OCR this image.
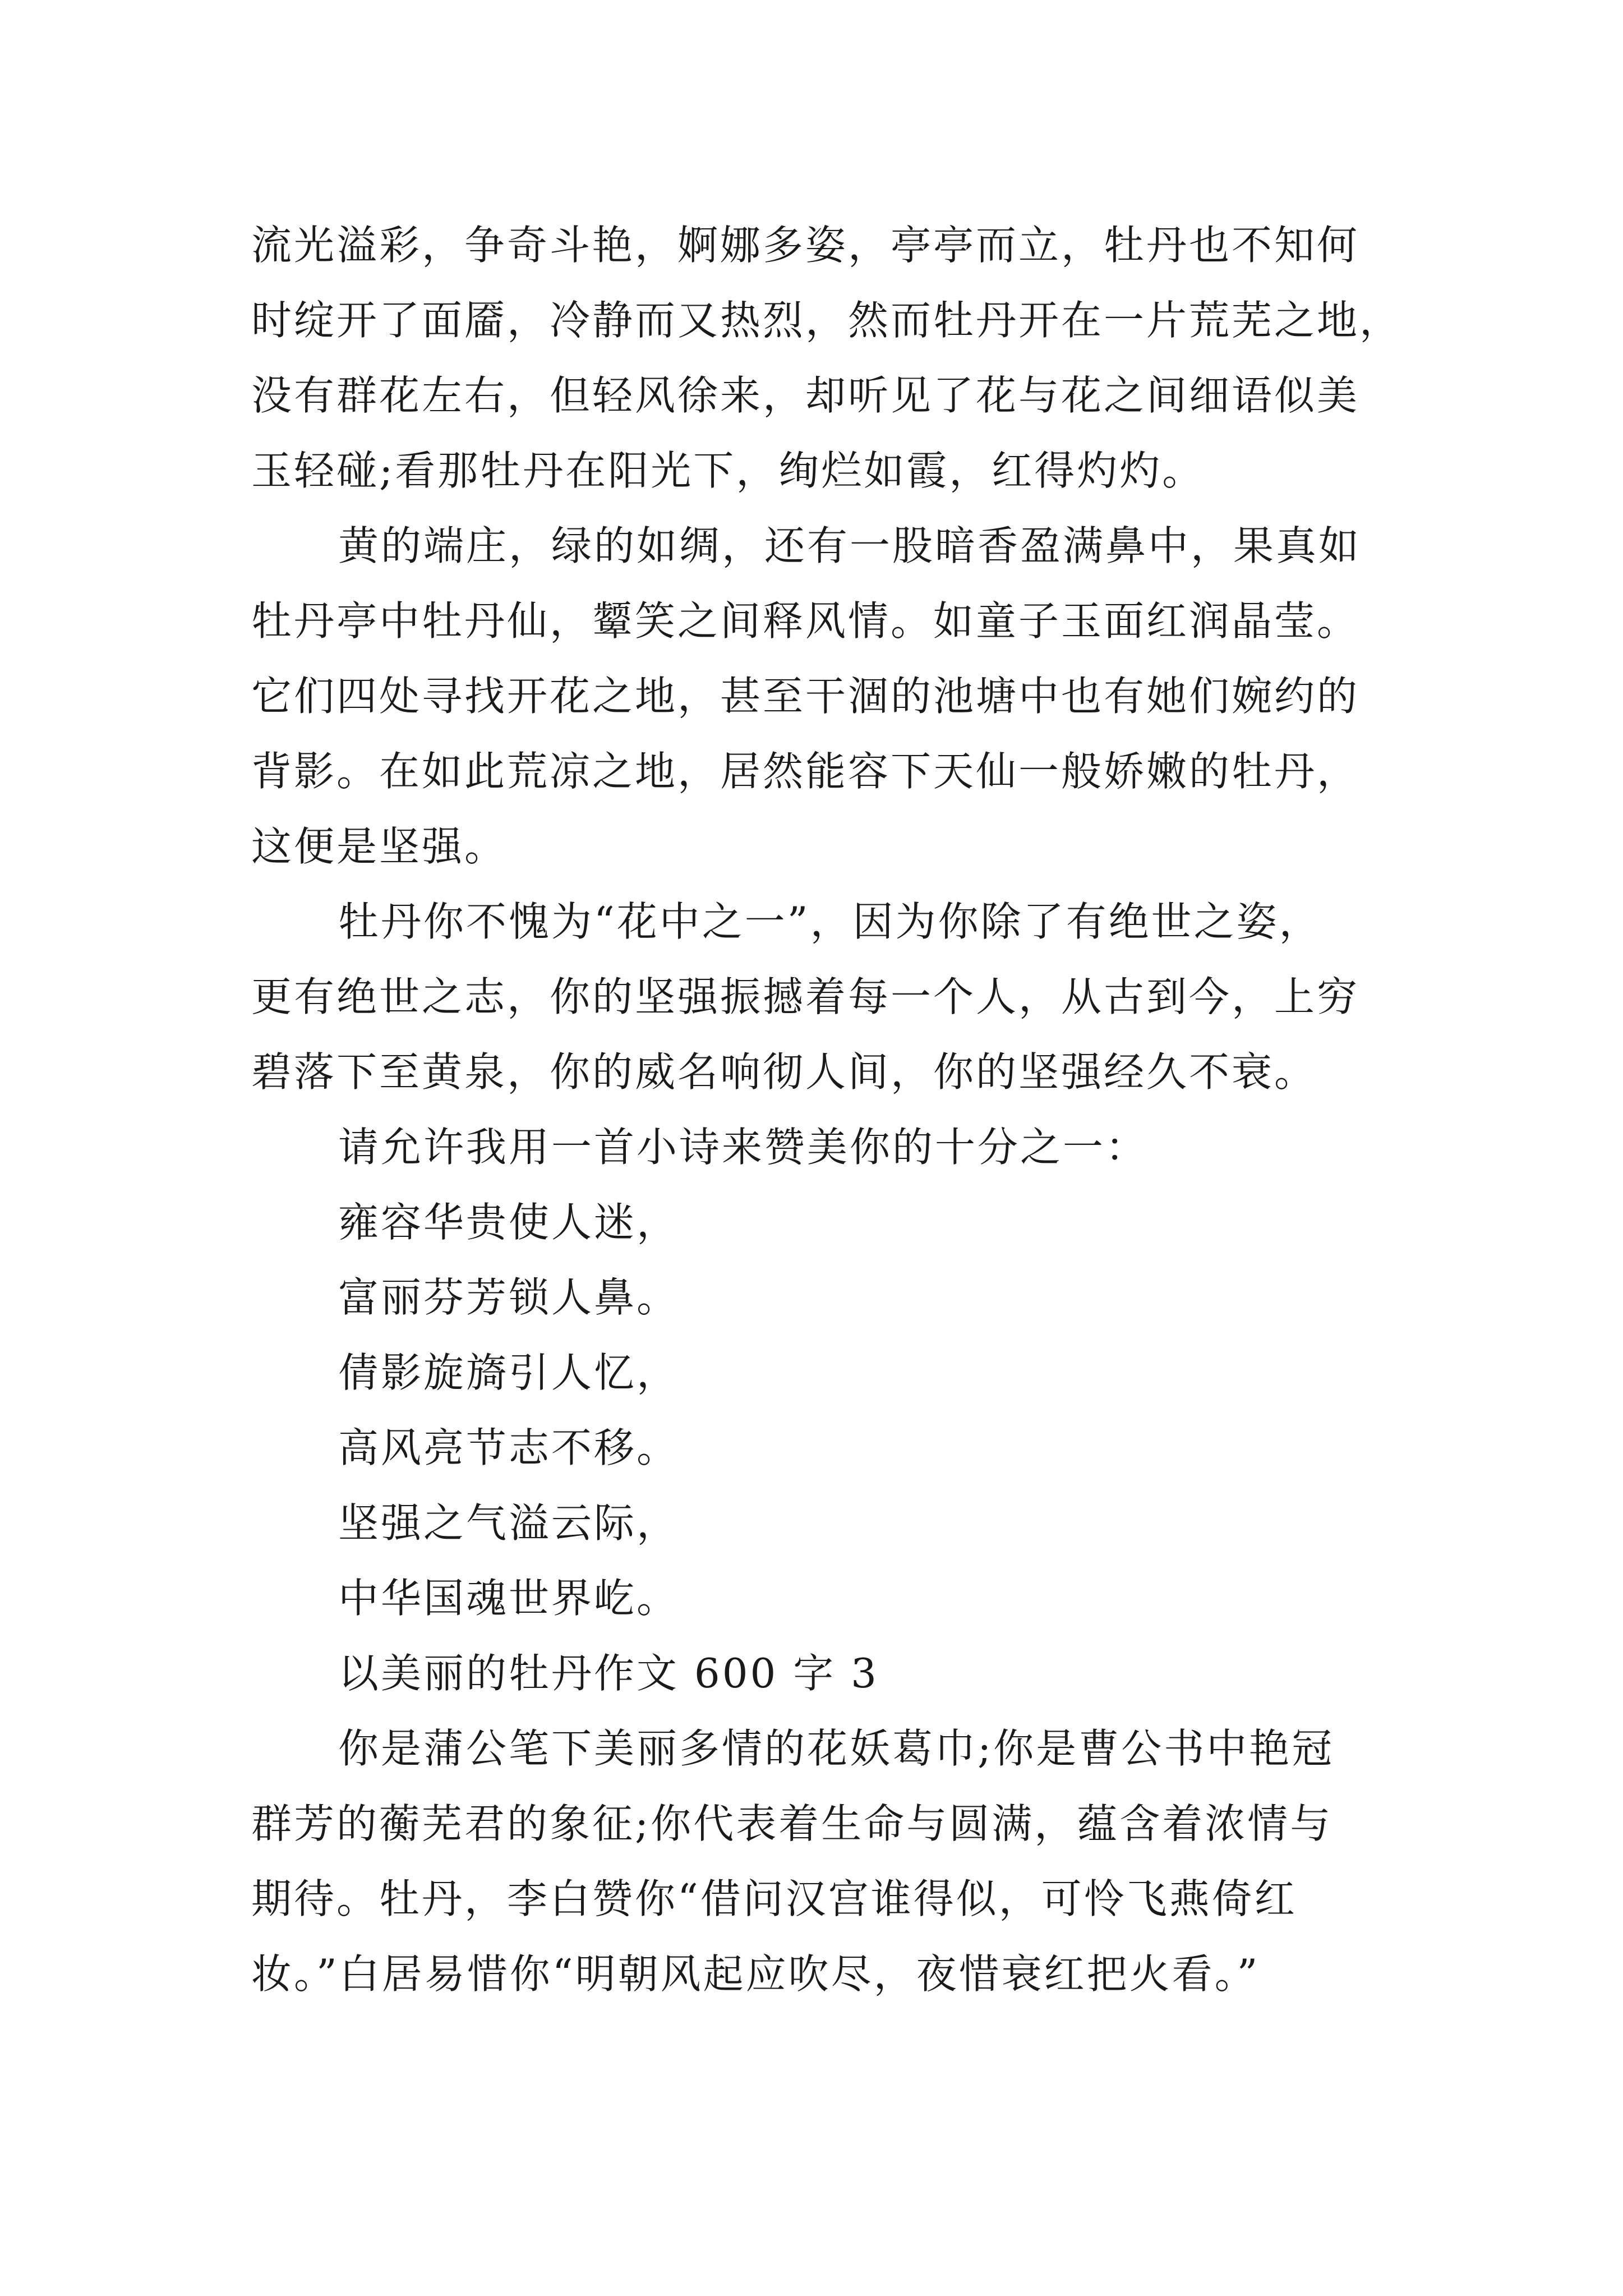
流光溢彩，争奇斗艳，婀娜多姿，亭亭而立，牡丹也不知何
时绽开了面靥，冷静而又热烈，然而牡丹开在一片荒芜之地，
没有群花左右，但轻风徐来，却听见了花与花之间细语似美
玉轻碰;看那牡丹在阳光下，绚烂如霞，红得灼灼。
黄的端庄，绿的如绸，还有一股暗香盈满鼻中，果真如
牡丹亭中牡丹仙，颦笑之间释风情。如童子玉面红润晶莹。
它们四处寻找开花之地，甚至干涸的池塘中也有她们婉约的
背影。在如此荒凉之地，居然能容下天仙一般娇嫩的牡丹，
这便是坚强。
牡丹你不愧为“花中之一”，因为你除了有绝世之姿，
更有绝世之志，你的坚强振撼着每一个人，从古到今，上穷
碧落下至黄泉，你的威名响彻人间，你的坚强经久不衰。
请允许我用一首小诗来赞美你的十分之一：
雍容华贵使人迷，
富丽芬芳锁人鼻。
倩影旋旖引人忆，
高风亮节志不移。
坚强之气溢云际，
中华国魂世界屹。
以美丽的牡丹作文 600 字 3
你是蒲公笔下美丽多情的花妖葛巾;你是曹公书中艳冠
群芳的蘅芜君的象征;你代表着生命与圆满，蕴含着浓情与
期待。牡丹，李白赞你“借问汉宫谁得似，可怜飞燕倚红
妆。”白居易惜你“明朝风起应吹尽，夜惜衰红把火看。”
